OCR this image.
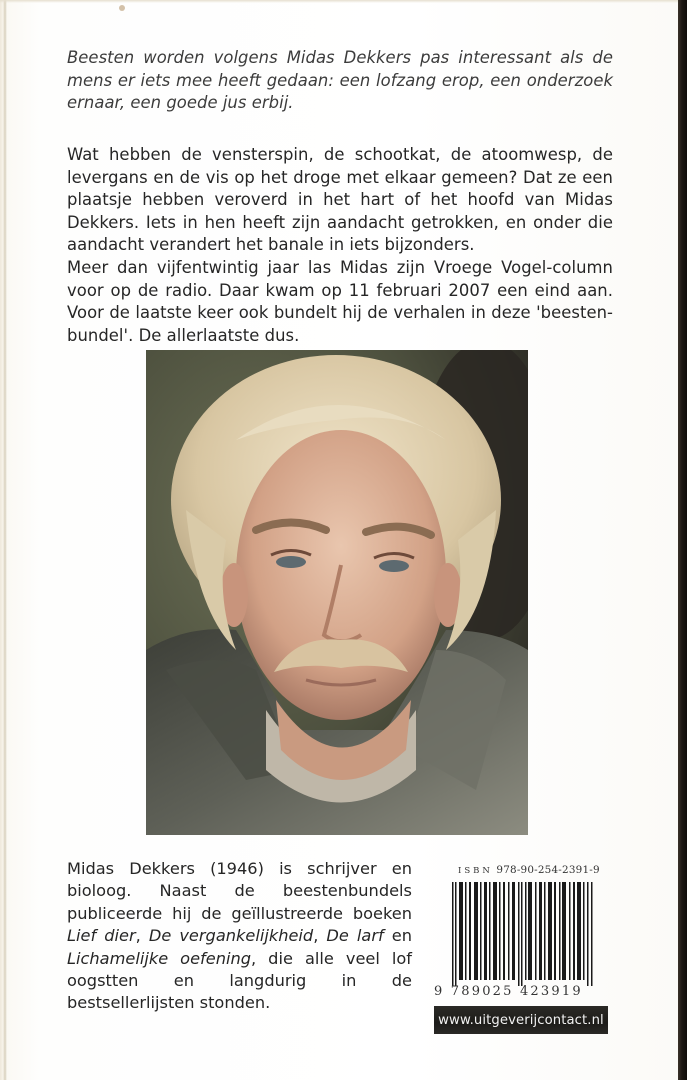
Beesten worden volgens Midas Dekkers pas interessant als de mens er iets mee heeft gedaan: een lofzang erop, een onderzoek ernaar, een goede jus erbij.

Wat hebben de vensterspin, de schootkat, de atoomwesp, de levergans en de vis op het droge met elkaar gemeen? Dat ze een plaatsje hebben veroverd in het hart of het hoofd van Midas Dekkers. Iets in hen heeft zijn aandacht getrokken, en onder die aandacht verandert het banale in iets bijzonders.

Meer dan vijfentwintig jaar las Midas zijn Vroege Vogel-column voor op de radio. Daar kwam op 11 februari 2007 een eind aan. Voor de laatste keer ook bundelt hij de verhalen in deze 'beesten-bundel'. De allerlaatste dus.

Midas Dekkers (1946) is schrijver en bioloog. Naast de beestenbundels publiceerde hij de geïllustreerde boeken Lief dier, De vergankelijkheid, De larf en Lichamelijke oefening, die alle veel lof oogstten en langdurig in de bestsellerlijsten stonden.

ISBN 978-90-254-2391-9
9 789025 423919
www.uitgeverijcontact.nl
